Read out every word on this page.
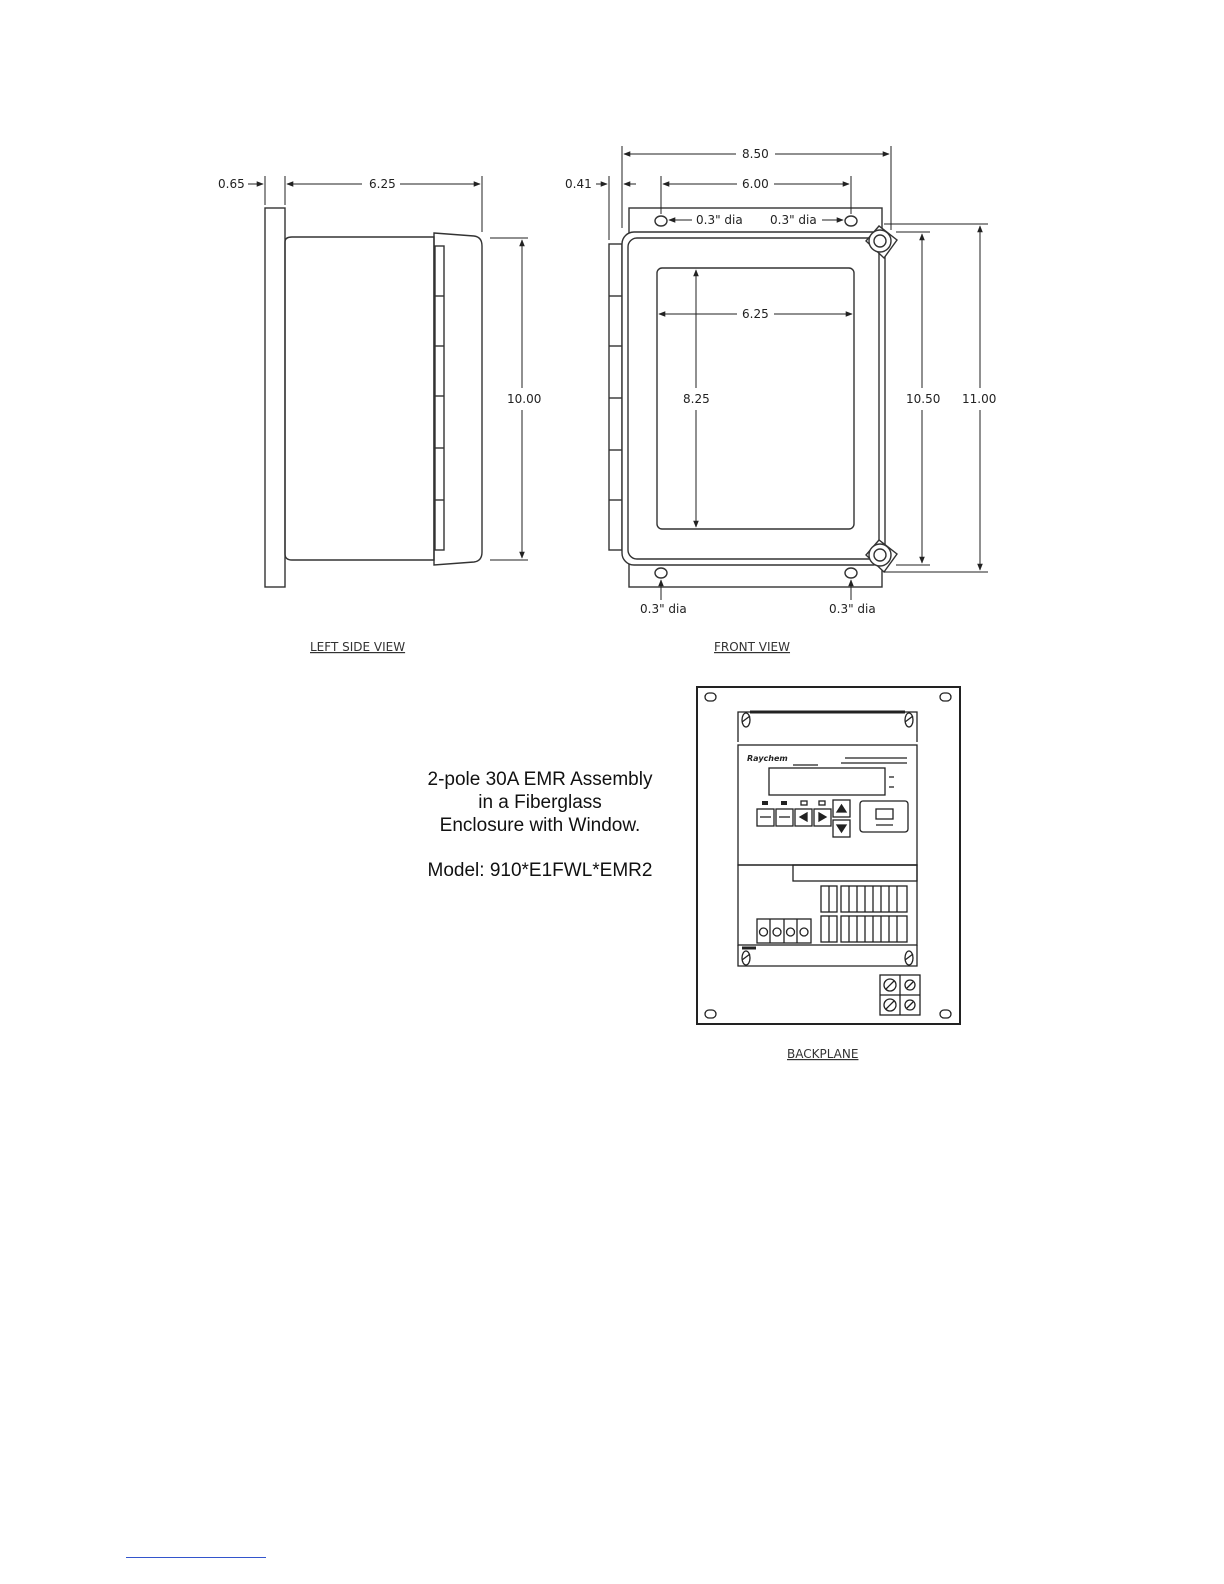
0.65	6.25
10.00
LEFT SIDE VIEW
8.50
0.41	6.00
0.3" dia 0.3" dia
6.25
8.25	10.50 11.00
0.3" dia	0.3" dia
FRONT VIEW
Raychem
BACKPLANE
2-pole 30A EMR Assembly
in a Fiberglass
Enclosure with Window.
Model: 910*E1FWL*EMR2
